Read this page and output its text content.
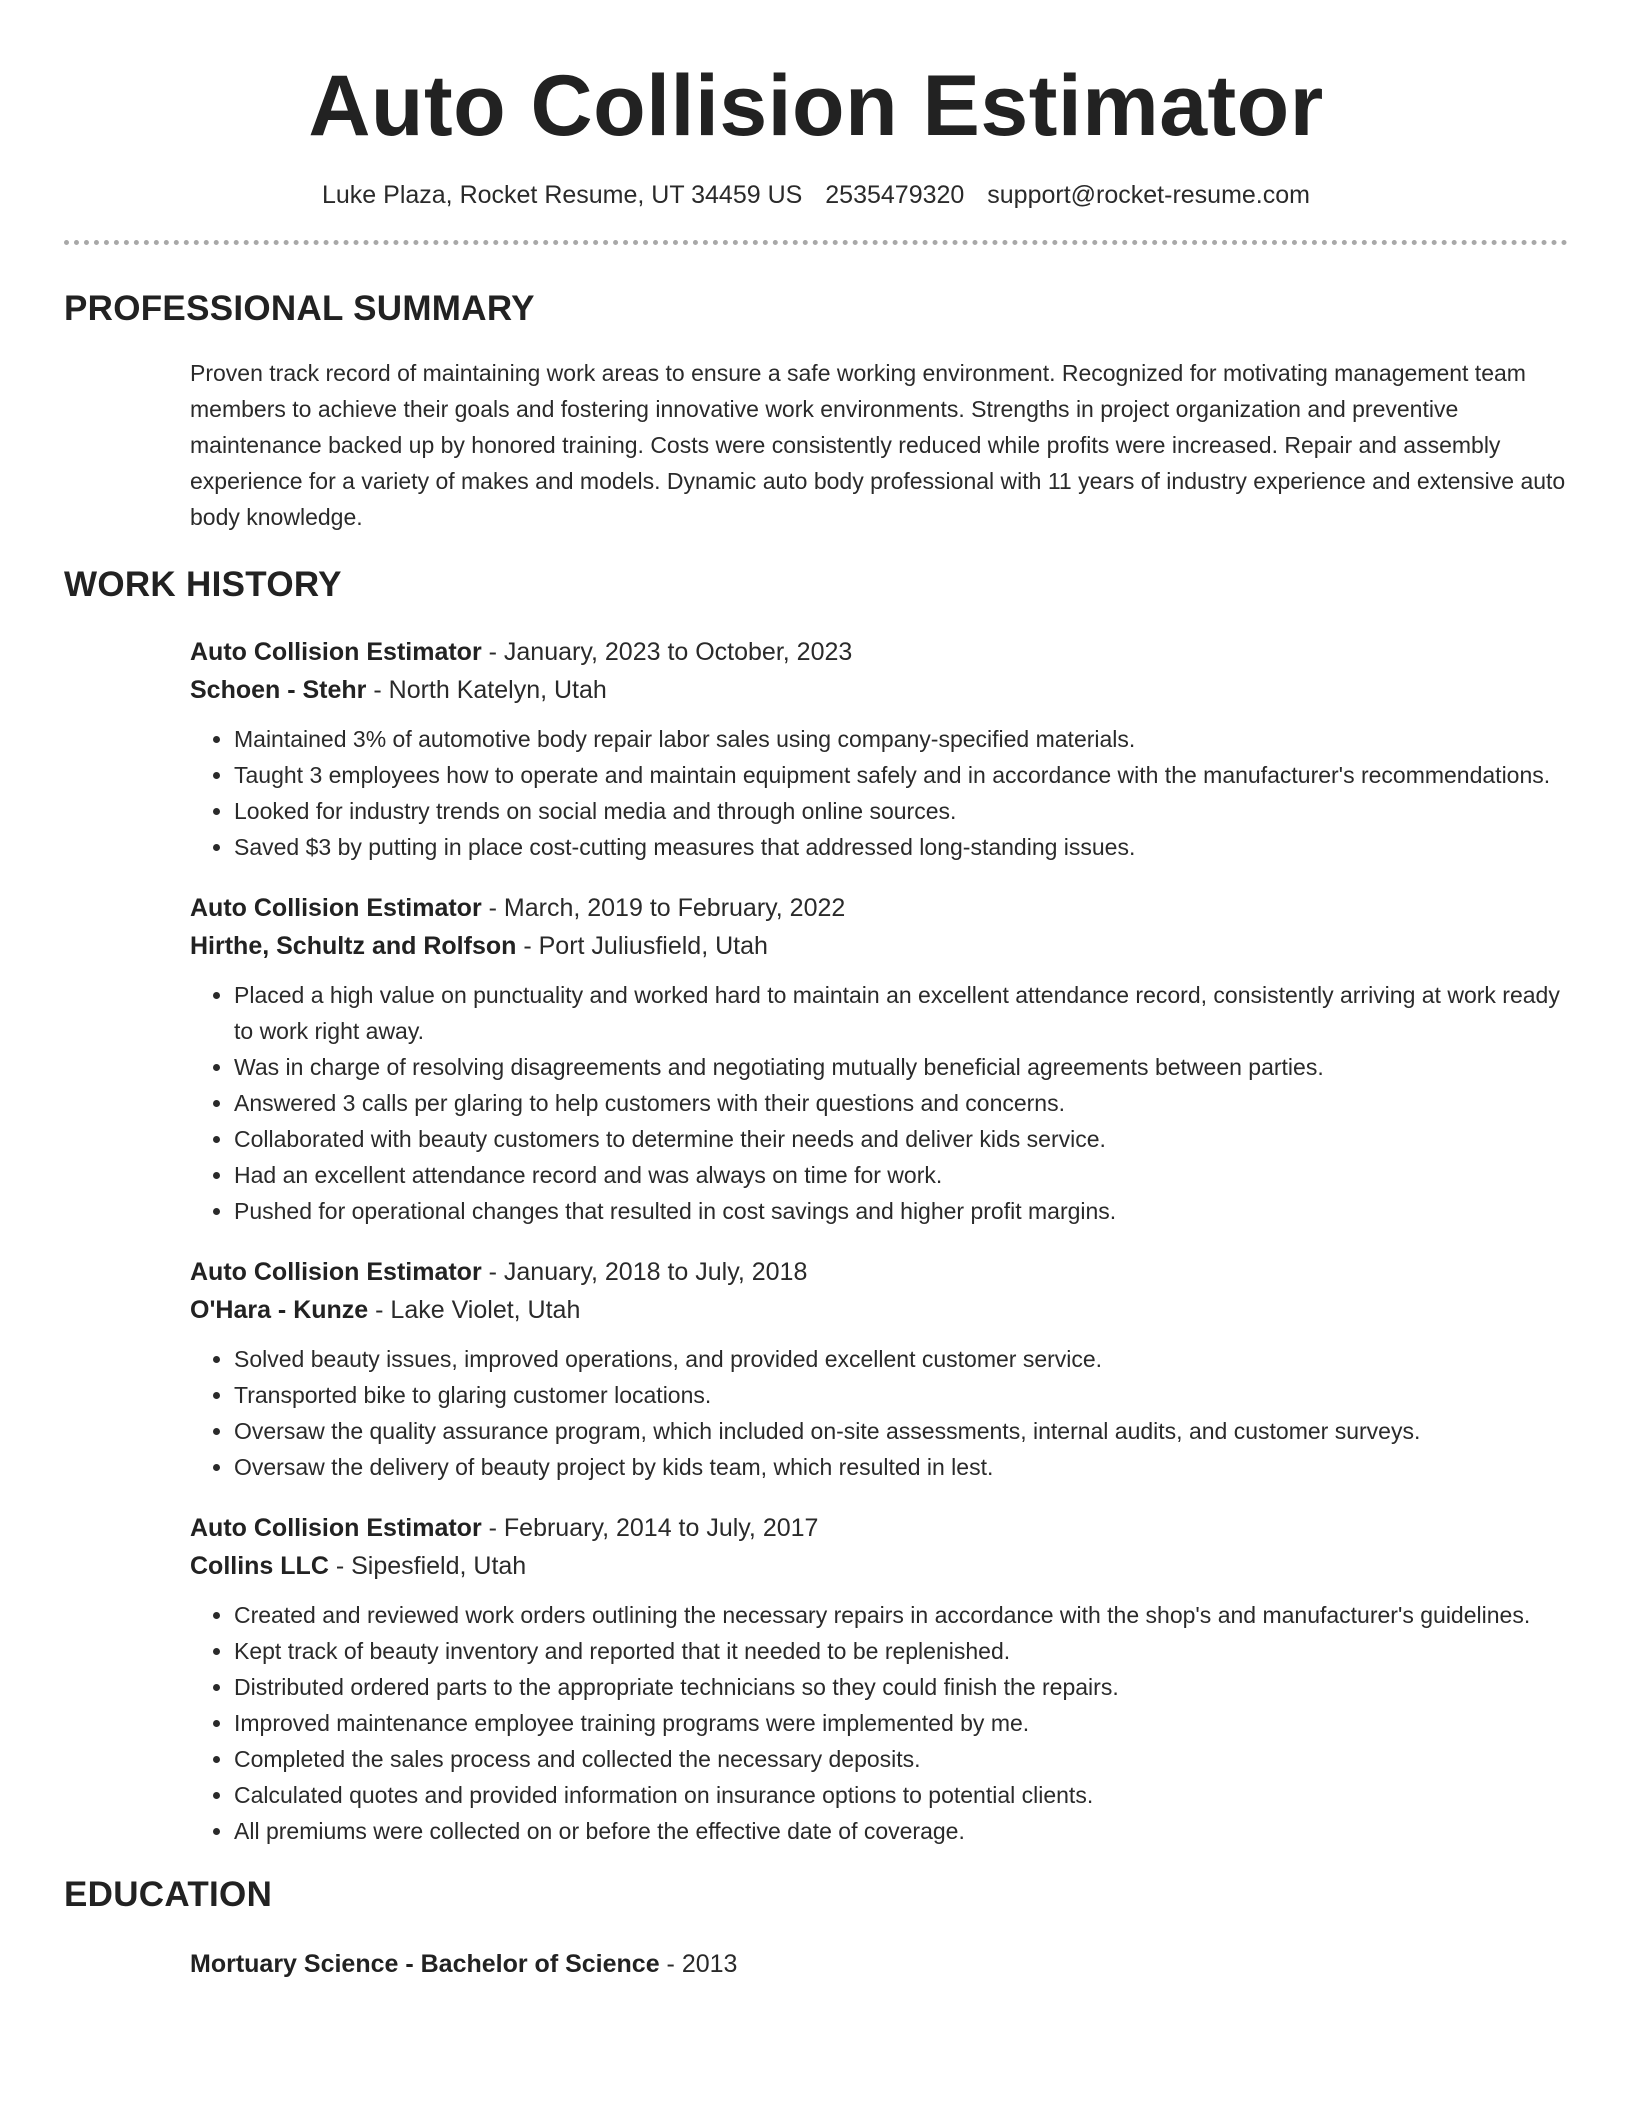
Auto Collision Estimator
Luke Plaza, Rocket Resume, UT 34459 US 2535479320 support@rocket-resume.com
PROFESSIONAL SUMMARY
Proven track record of maintaining work areas to ensure a safe working environment. Recognized for motivating management team members to achieve their goals and fostering innovative work environments. Strengths in project organization and preventive maintenance backed up by honored training. Costs were consistently reduced while profits were increased. Repair and assembly experience for a variety of makes and models. Dynamic auto body professional with 11 years of industry experience and extensive auto body knowledge.
WORK HISTORY
Auto Collision Estimator - January, 2023 to October, 2023
Schoen - Stehr - North Katelyn, Utah
• Maintained 3% of automotive body repair labor sales using company-specified materials.
• Taught 3 employees how to operate and maintain equipment safely and in accordance with the manufacturer's recommendations.
• Looked for industry trends on social media and through online sources.
• Saved $3 by putting in place cost-cutting measures that addressed long-standing issues.
Auto Collision Estimator - March, 2019 to February, 2022
Hirthe, Schultz and Rolfson - Port Juliusfield, Utah
• Placed a high value on punctuality and worked hard to maintain an excellent attendance record, consistently arriving at work ready to work right away.
• Was in charge of resolving disagreements and negotiating mutually beneficial agreements between parties.
• Answered 3 calls per glaring to help customers with their questions and concerns.
• Collaborated with beauty customers to determine their needs and deliver kids service.
• Had an excellent attendance record and was always on time for work.
• Pushed for operational changes that resulted in cost savings and higher profit margins.
Auto Collision Estimator - January, 2018 to July, 2018
O'Hara - Kunze - Lake Violet, Utah
• Solved beauty issues, improved operations, and provided excellent customer service.
• Transported bike to glaring customer locations.
• Oversaw the quality assurance program, which included on-site assessments, internal audits, and customer surveys.
• Oversaw the delivery of beauty project by kids team, which resulted in lest.
Auto Collision Estimator - February, 2014 to July, 2017
Collins LLC - Sipesfield, Utah
• Created and reviewed work orders outlining the necessary repairs in accordance with the shop's and manufacturer's guidelines.
• Kept track of beauty inventory and reported that it needed to be replenished.
• Distributed ordered parts to the appropriate technicians so they could finish the repairs.
• Improved maintenance employee training programs were implemented by me.
• Completed the sales process and collected the necessary deposits.
• Calculated quotes and provided information on insurance options to potential clients.
• All premiums were collected on or before the effective date of coverage.
EDUCATION
Mortuary Science - Bachelor of Science - 2013
